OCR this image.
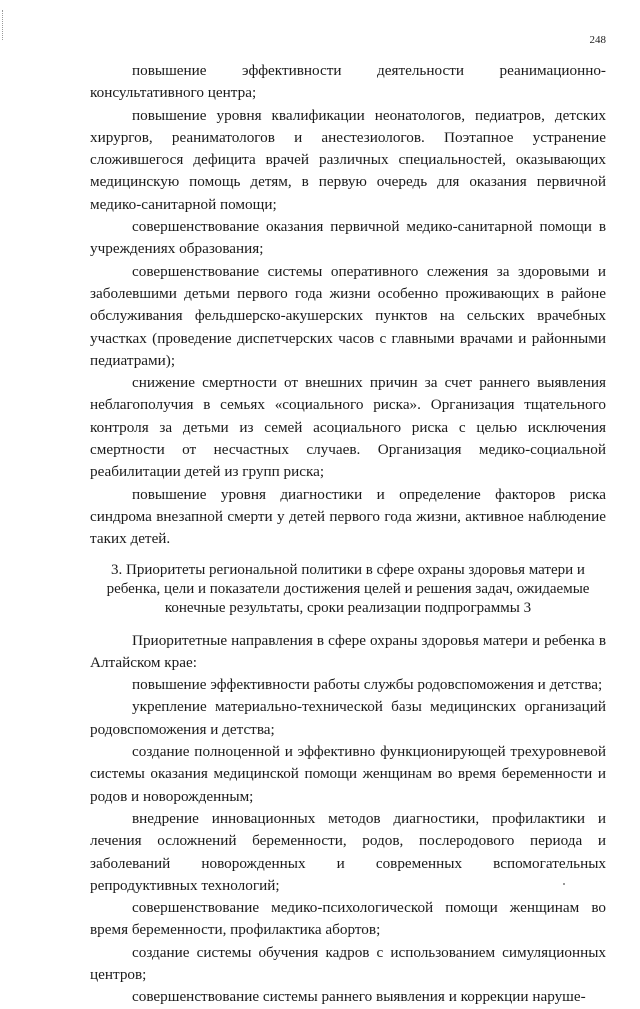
248

повышение эффективности деятельности реанимационно-консультативного центра;

повышение уровня квалификации неонатологов, педиатров, детских хирургов, реаниматологов и анестезиологов. Поэтапное устранение сложившегося дефицита врачей различных специальностей, оказывающих медицинскую помощь детям, в первую очередь для оказания первичной медико-санитарной помощи;

совершенствование оказания первичной медико-санитарной помощи в учреждениях образования;

совершенствование системы оперативного слежения за здоровыми и заболевшими детьми первого года жизни особенно проживающих в районе обслуживания фельдшерско-акушерских пунктов на сельских врачебных участках (проведение диспетчерских часов с главными врачами и районными педиатрами);

снижение смертности от внешних причин за счет раннего выявления неблагополучия в семьях «социального риска». Организация тщательного контроля за детьми из семей асоциального риска с целью исключения смертности от несчастных случаев. Организация медико-социальной реабилитации детей из групп риска;

повышение уровня диагностики и определение факторов риска синдрома внезапной смерти у детей первого года жизни, активное наблюдение таких детей.

3. Приоритеты региональной политики в сфере охраны здоровья матери и ребенка, цели и показатели достижения целей и решения задач, ожидаемые конечные результаты, сроки реализации подпрограммы 3

Приоритетные направления в сфере охраны здоровья матери и ребенка в Алтайском крае:

повышение эффективности работы службы родовспоможения и детства;

укрепление материально-технической базы медицинских организаций родовспоможения и детства;

создание полноценной и эффективно функционирующей трехуровневой системы оказания медицинской помощи женщинам во время беременности и родов и новорожденным;

внедрение инновационных методов диагностики, профилактики и лечения осложнений беременности, родов, послеродового периода и заболеваний новорожденных и современных вспомогательных репродуктивных технологий;

совершенствование медико-психологической помощи женщинам во время беременности, профилактика абортов;

создание системы обучения кадров с использованием симуляционных центров;

совершенствование системы раннего выявления и коррекции наруше-
